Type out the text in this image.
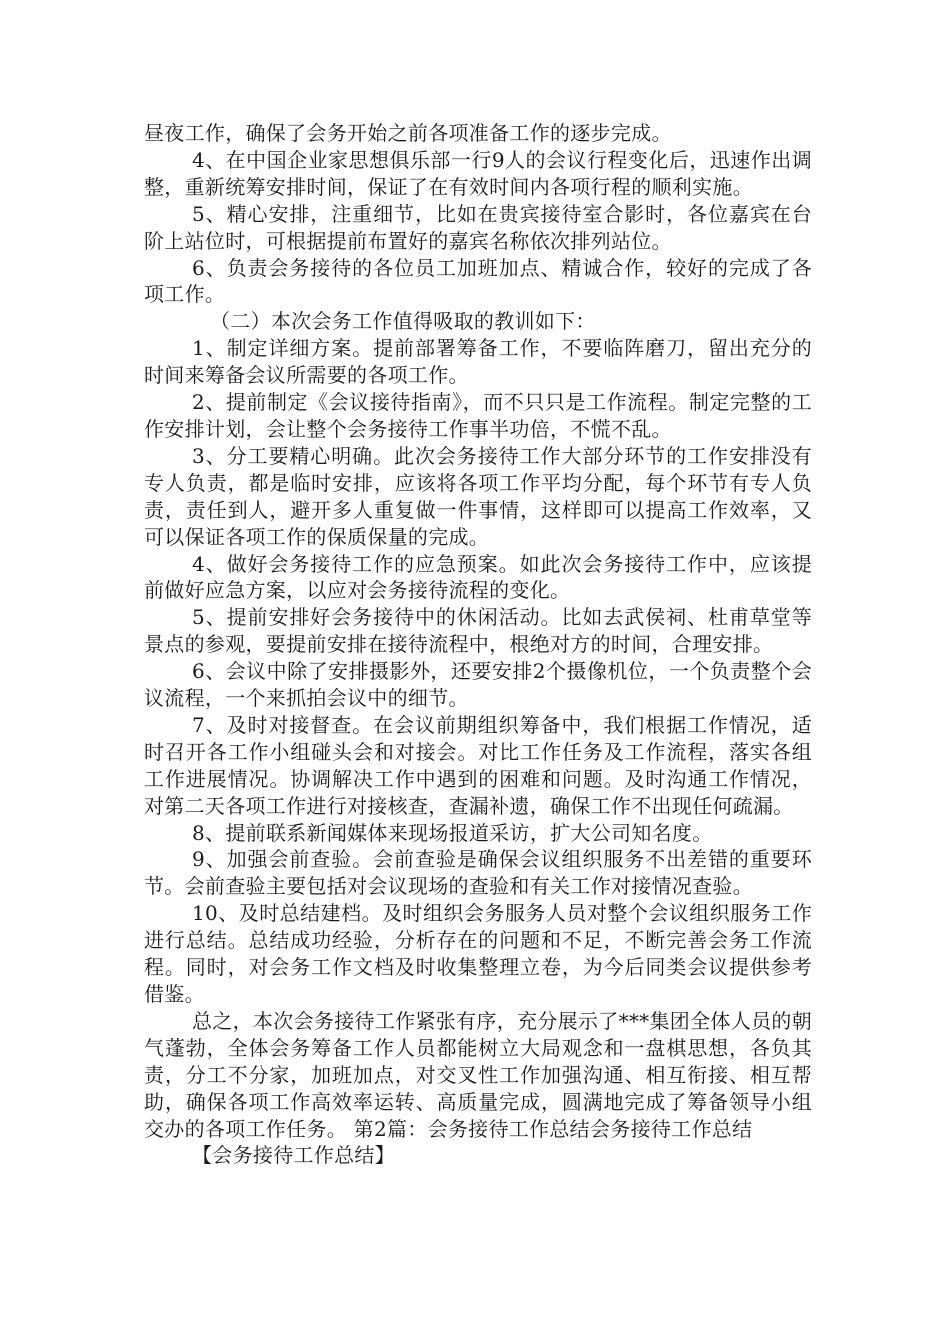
昼夜工作，确保了会务开始之前各项准备工作的逐步完成。

4、在中国企业家思想俱乐部一行9人的会议行程变化后，迅速作出调整，重新统筹安排时间，保证了在有效时间内各项行程的顺利实施。

5、精心安排，注重细节，比如在贵宾接待室合影时，各位嘉宾在台阶上站位时，可根据提前布置好的嘉宾名称依次排列站位。

6、负责会务接待的各位员工加班加点、精诚合作，较好的完成了各项工作。

（二）本次会务工作值得吸取的教训如下：

1、制定详细方案。提前部署筹备工作，不要临阵磨刀，留出充分的时间来筹备会议所需要的各项工作。

2、提前制定《会议接待指南》，而不只只是工作流程。制定完整的工作安排计划，会让整个会务接待工作事半功倍，不慌不乱。

3、分工要精心明确。此次会务接待工作大部分环节的工作安排没有专人负责，都是临时安排，应该将各项工作平均分配，每个环节有专人负责，责任到人，避开多人重复做一件事情，这样即可以提高工作效率，又可以保证各项工作的保质保量的完成。

4、做好会务接待工作的应急预案。如此次会务接待工作中，应该提前做好应急方案，以应对会务接待流程的变化。

5、提前安排好会务接待中的休闲活动。比如去武侯祠、杜甫草堂等景点的参观，要提前安排在接待流程中，根绝对方的时间，合理安排。

6、会议中除了安排摄影外，还要安排2个摄像机位，一个负责整个会议流程，一个来抓拍会议中的细节。

7、及时对接督查。在会议前期组织筹备中，我们根据工作情况，适时召开各工作小组碰头会和对接会。对比工作任务及工作流程，落实各组工作进展情况。协调解决工作中遇到的困难和问题。及时沟通工作情况，对第二天各项工作进行对接核查，查漏补遗，确保工作不出现任何疏漏。

8、提前联系新闻媒体来现场报道采访，扩大公司知名度。

9、加强会前查验。会前查验是确保会议组织服务不出差错的重要环节。会前查验主要包括对会议现场的查验和有关工作对接情况查验。

10、及时总结建档。及时组织会务服务人员对整个会议组织服务工作进行总结。总结成功经验，分析存在的问题和不足，不断完善会务工作流程。同时，对会务工作文档及时收集整理立卷，为今后同类会议提供参考借鉴。

总之，本次会务接待工作紧张有序，充分展示了***集团全体人员的朝气蓬勃，全体会务筹备工作人员都能树立大局观念和一盘棋思想，各负其责，分工不分家，加班加点，对交叉性工作加强沟通、相互衔接、相互帮助，确保各项工作高效率运转、高质量完成，圆满地完成了筹备领导小组交办的各项工作任务。 第2篇：会务接待工作总结会务接待工作总结

【会务接待工作总结】
